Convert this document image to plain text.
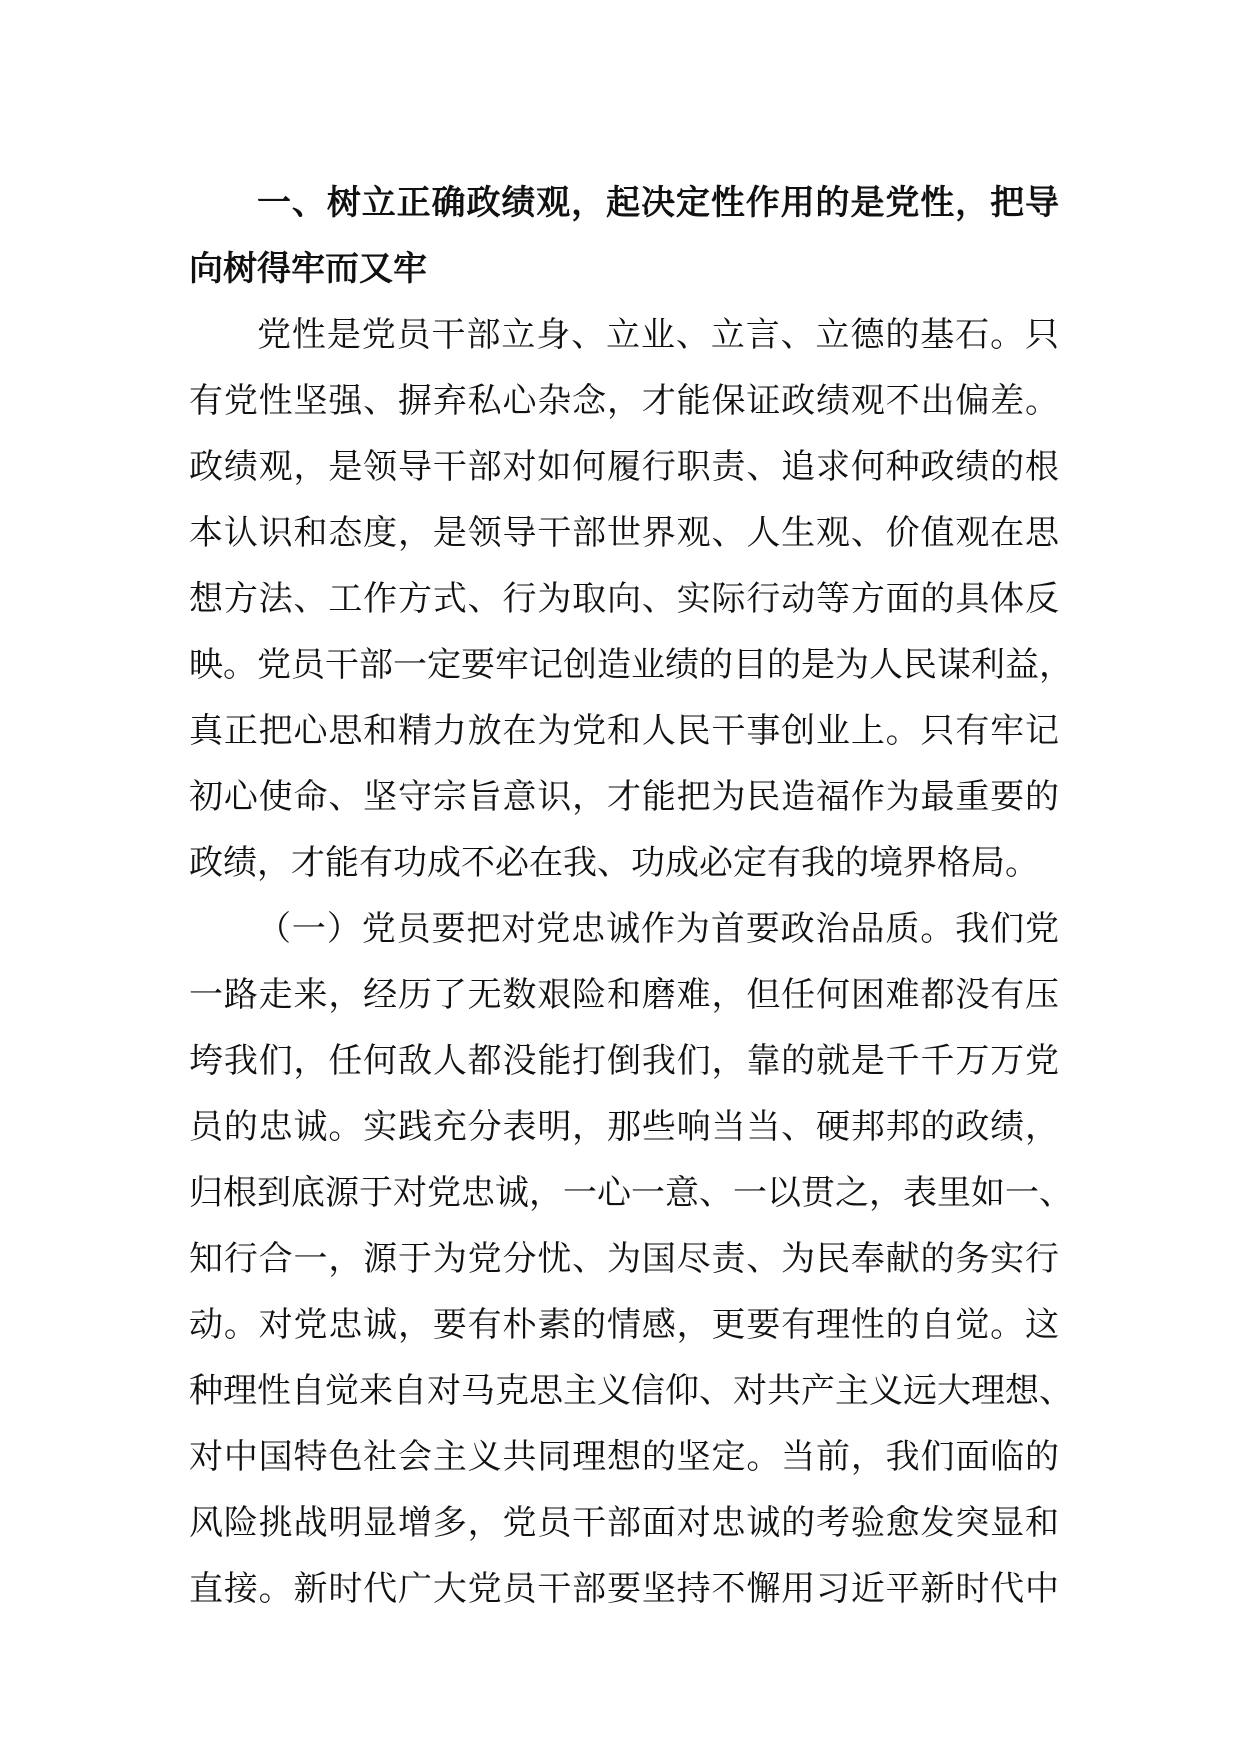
一、树立正确政绩观，起决定性作用的是党性，把导
向树得牢而又牢
党性是党员干部立身、立业、立言、立德的基石。只
有党性坚强、摒弃私心杂念，才能保证政绩观不出偏差。
政绩观，是领导干部对如何履行职责、追求何种政绩的根
本认识和态度，是领导干部世界观、人生观、价值观在思
想方法、工作方式、行为取向、实际行动等方面的具体反
映。党员干部一定要牢记创造业绩的目的是为人民谋利益，
真正把心思和精力放在为党和人民干事创业上。只有牢记
初心使命、坚守宗旨意识，才能把为民造福作为最重要的
政绩，才能有功成不必在我、功成必定有我的境界格局。
（一）党员要把对党忠诚作为首要政治品质。我们党
一路走来，经历了无数艰险和磨难，但任何困难都没有压
垮我们，任何敌人都没能打倒我们，靠的就是千千万万党
员的忠诚。实践充分表明，那些响当当、硬邦邦的政绩，
归根到底源于对党忠诚，一心一意、一以贯之，表里如一、
知行合一，源于为党分忧、为国尽责、为民奉献的务实行
动。对党忠诚，要有朴素的情感，更要有理性的自觉。这
种理性自觉来自对马克思主义信仰、对共产主义远大理想、
对中国特色社会主义共同理想的坚定。当前，我们面临的
风险挑战明显增多，党员干部面对忠诚的考验愈发突显和
直接。新时代广大党员干部要坚持不懈用习近平新时代中
